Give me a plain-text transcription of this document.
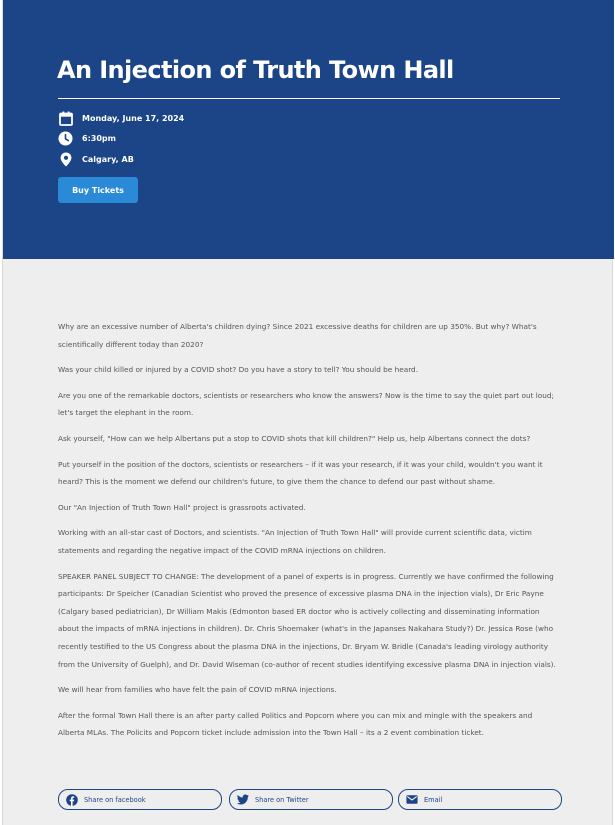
An Injection of Truth Town Hall
Monday, June 17, 2024
6:30pm
Calgary, AB
Buy Tickets

Why are an excessive number of Alberta's children dying? Since 2021 excessive deaths for children are up 350%. But why? What's scientifically different today than 2020?

Was your child killed or injured by a COVID shot? Do you have a story to tell? You should be heard.

Are you one of the remarkable doctors, scientists or researchers who know the answers? Now is the time to say the quiet part out loud; let's target the elephant in the room.

Ask yourself, "How can we help Albertans put a stop to COVID shots that kill children?" Help us, help Albertans connect the dots?

Put yourself in the position of the doctors, scientists or researchers – if it was your research, if it was your child, wouldn't you want it heard? This is the moment we defend our children's future, to give them the chance to defend our past without shame.

Our "An Injection of Truth Town Hall" project is grassroots activated.

Working with an all-star cast of Doctors, and scientists. "An Injection of Truth Town Hall" will provide current scientific data, victim statements and regarding the negative impact of the COVID mRNA injections on children.

SPEAKER PANEL SUBJECT TO CHANGE: The development of a panel of experts is in progress. Currently we have confirmed the following participants: Dr Speicher (Canadian Scientist who proved the presence of excessive plasma DNA in the injection vials), Dr Eric Payne (Calgary based pediatrician), Dr William Makis (Edmonton based ER doctor who is actively collecting and disseminating information about the impacts of mRNA injections in children). Dr. Chris Shoemaker (what's in the Japanses Nakahara Study?) Dr. Jessica Rose (who recently testified to the US Congress about the plasma DNA in the injections, Dr. Bryam W. Bridle (Canada's leading virology authority from the University of Guelph), and Dr. David Wiseman (co-author of recent studies identifying excessive plasma DNA in injection vials).

We will hear from families who have felt the pain of COVID mRNA injections.

After the formal Town Hall there is an after party called Politics and Popcorn where you can mix and mingle with the speakers and Alberta MLAs. The Policits and Popcorn ticket include admission into the Town Hall – its a 2 event combination ticket.

Share on facebook	Share on Twitter	Email
